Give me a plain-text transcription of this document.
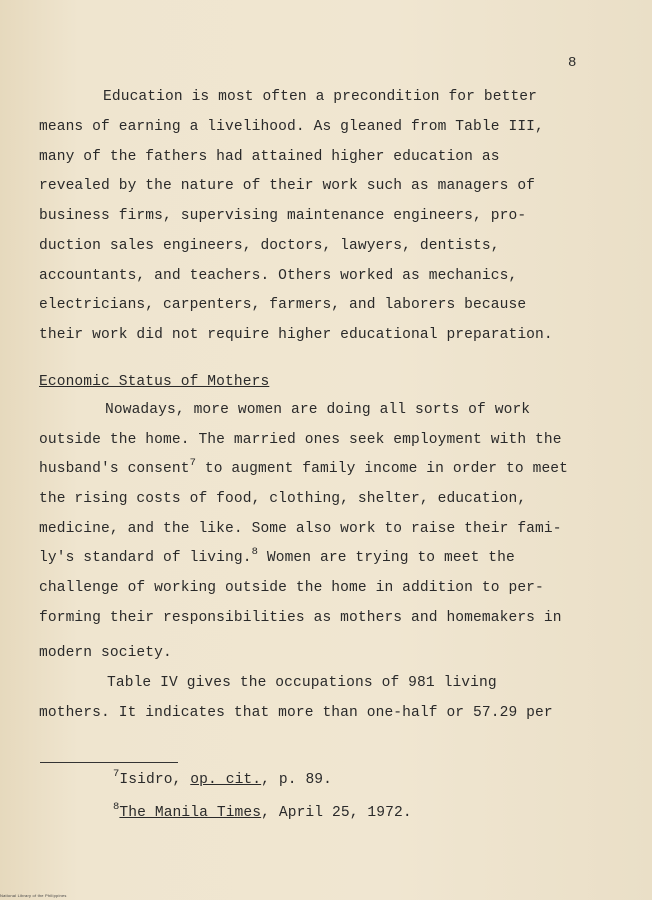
8
Education is most often a precondition for better
means of earning a livelihood. As gleaned from Table III,
many of the fathers had attained higher education as
revealed by the nature of their work such as managers of
business firms, supervising maintenance engineers, pro-
duction sales engineers, doctors, lawyers, dentists,
accountants, and teachers. Others worked as mechanics,
electricians, carpenters, farmers, and laborers because
their work did not require higher educational preparation.
Economic Status of Mothers
Nowadays, more women are doing all sorts of work
outside the home. The married ones seek employment with the
husband's consent$^7$ to augment family income in order to meet
the rising costs of food, clothing, shelter, education,
medicine, and the like. Some also work to raise their fami-
ly's standard of living.$^8$ Women are trying to meet the
challenge of working outside the home in addition to per-
forming their responsibilities as mothers and homemakers in
modern society.
Table IV gives the occupations of 981 living
mothers. It indicates that more than one-half or 57.29 per
$^7$Isidro, op. cit., p. 89.
$^8$The Manila Times, April 25, 1972.
National Library of the Philippines
